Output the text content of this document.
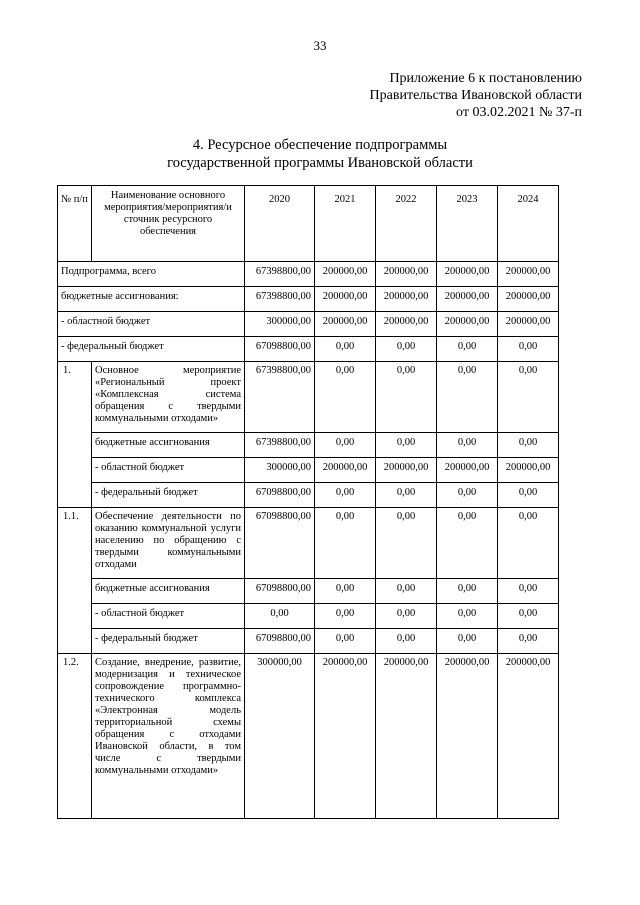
33
Приложение 6 к постановлению
Правительства Ивановской области
от 03.02.2021 № 37-п
4. Ресурсное обеспечение подпрограммы
государственной программы Ивановской области
№ п/п	Наименование основного мероприятия/мероприятия/и сточник ресурсного обеспечения	2020	2021	2022	2023	2024
Подпрограмма, всего		67398800,00	200000,00	200000,00	200000,00	200000,00
бюджетные ассигнования:		67398800,00	200000,00	200000,00	200000,00	200000,00
- областной бюджет		300000,00	200000,00	200000,00	200000,00	200000,00
- федеральный бюджет		67098800,00	0,00	0,00	0,00	0,00
1.	Основное мероприятие «Региональный проект «Комплексная система обращения с твердыми коммунальными отходами»	67398800,00	0,00	0,00	0,00	0,00
	бюджетные ассигнования	67398800,00	0,00	0,00	0,00	0,00
	- областной бюджет	300000,00	200000,00	200000,00	200000,00	200000,00
	- федеральный бюджет	67098800,00	0,00	0,00	0,00	0,00
1.1.	Обеспечение деятельности по оказанию коммунальной услуги населению по обращению с твердыми коммунальными отходами	67098800,00	0,00	0,00	0,00	0,00
	бюджетные ассигнования	67098800,00	0,00	0,00	0,00	0,00
	- областной бюджет	0,00	0,00	0,00	0,00	0,00
	- федеральный бюджет	67098800,00	0,00	0,00	0,00	0,00
1.2.	Создание, внедрение, развитие, модернизация и техническое сопровождение программно-технического комплекса «Электронная модель территориальной схемы обращения с отходами Ивановской области, в том числе с твердыми коммунальными отходами»	300000,00	200000,00	200000,00	200000,00	200000,00
